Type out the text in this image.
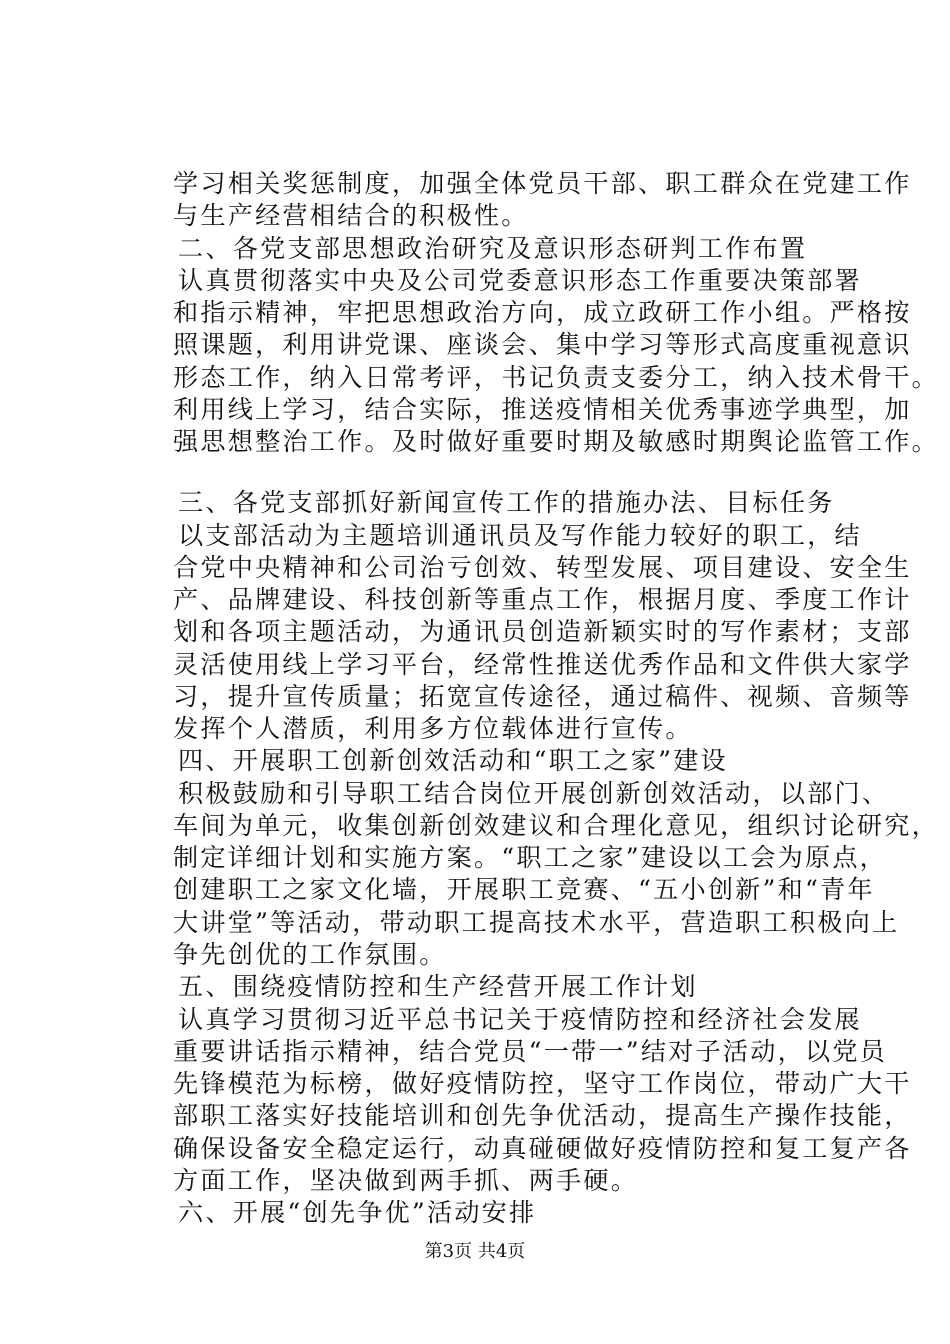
学习相关奖惩制度，加强全体党员干部、职工群众在党建工作
与生产经营相结合的积极性。
二、各党支部思想政治研究及意识形态研判工作布置
认真贯彻落实中央及公司党委意识形态工作重要决策部署
和指示精神，牢把思想政治方向，成立政研工作小组。严格按
照课题，利用讲党课、座谈会、集中学习等形式高度重视意识
形态工作，纳入日常考评，书记负责支委分工，纳入技术骨干。
利用线上学习，结合实际，推送疫情相关优秀事迹学典型，加
强思想整治工作。及时做好重要时期及敏感时期舆论监管工作。
三、各党支部抓好新闻宣传工作的措施办法、目标任务
以支部活动为主题培训通讯员及写作能力较好的职工，结
合党中央精神和公司治亏创效、转型发展、项目建设、安全生
产、品牌建设、科技创新等重点工作，根据月度、季度工作计
划和各项主题活动，为通讯员创造新颖实时的写作素材；支部
灵活使用线上学习平台，经常性推送优秀作品和文件供大家学
习，提升宣传质量；拓宽宣传途径，通过稿件、视频、音频等
发挥个人潜质，利用多方位载体进行宣传。
四、开展职工创新创效活动和“职工之家”建设
积极鼓励和引导职工结合岗位开展创新创效活动，以部门、
车间为单元，收集创新创效建议和合理化意见，组织讨论研究，
制定详细计划和实施方案。“职工之家”建设以工会为原点，
创建职工之家文化墙，开展职工竞赛、“五小创新”和“青年
大讲堂”等活动，带动职工提高技术水平，营造职工积极向上
争先创优的工作氛围。
五、围绕疫情防控和生产经营开展工作计划
认真学习贯彻习近平总书记关于疫情防控和经济社会发展
重要讲话指示精神，结合党员“一带一”结对子活动，以党员
先锋模范为标榜，做好疫情防控，坚守工作岗位，带动广大干
部职工落实好技能培训和创先争优活动，提高生产操作技能，
确保设备安全稳定运行，动真碰硬做好疫情防控和复工复产各
方面工作，坚决做到两手抓、两手硬。
六、开展“创先争优”活动安排
第3页 共4页
